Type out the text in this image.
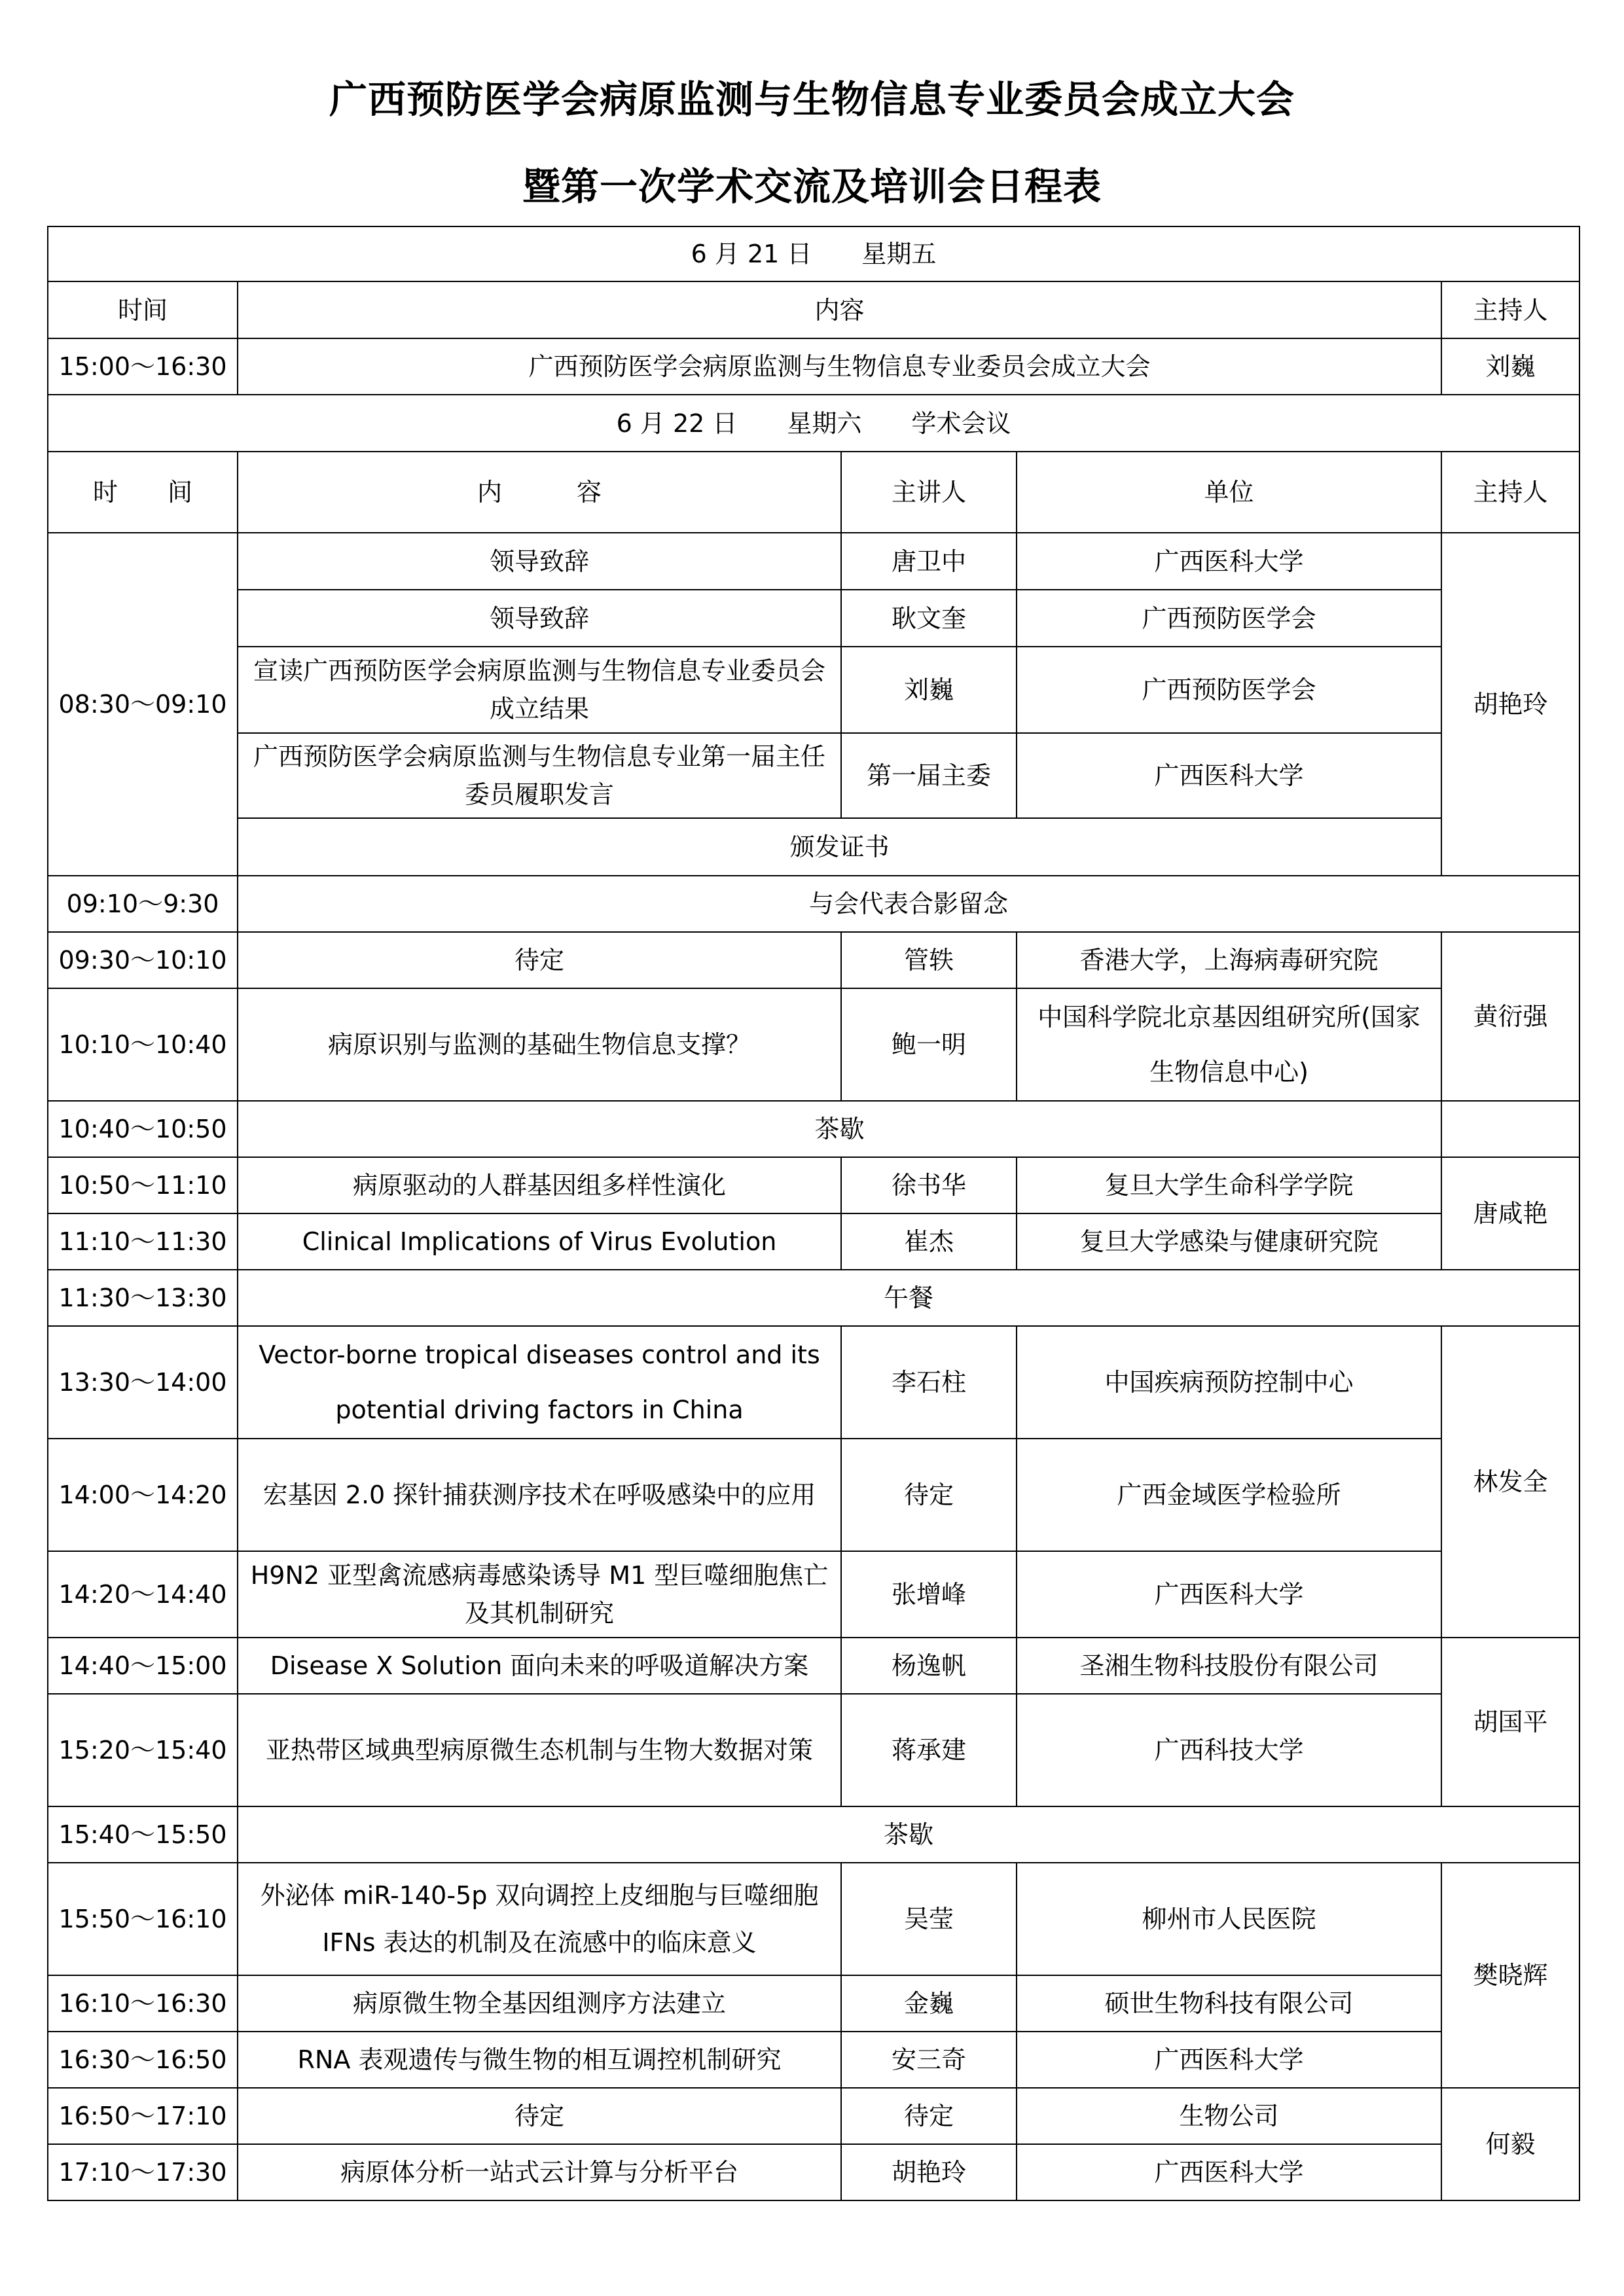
广西预防医学会病原监测与生物信息专业委员会成立大会
暨第一次学术交流及培训会日程表
6 月 21 日　　星期五				
时间	内容			主持人
15:00～16:30	广西预防医学会病原监测与生物信息专业委员会成立大会			刘巍
6 月 22 日　　星期六　　学术会议				
时　　间	内　　　容	主讲人	单位	主持人
08:30～09:10	领导致辞	唐卫中	广西医科大学	胡艳玲
	领导致辞	耿文奎	广西预防医学会	
	宣读广西预防医学会病原监测与生物信息专业委员会成立结果	刘巍	广西预防医学会	
	广西预防医学会病原监测与生物信息专业第一届主任委员履职发言	第一届主委	广西医科大学	
	颁发证书			
09:10～9:30	与会代表合影留念			
09:30～10:10	待定	管轶	香港大学，上海病毒研究院	黄衍强
10:10～10:40	病原识别与监测的基础生物信息支撑？	鲍一明	中国科学院北京基因组研究所(国家生物信息中心)	
10:40～10:50	茶歇			
10:50～11:10	病原驱动的人群基因组多样性演化	徐书华	复旦大学生命科学学院	唐咸艳
11:10～11:30	Clinical Implications of Virus Evolution	崔杰	复旦大学感染与健康研究院	
11:30～13:30	午餐			
13:30～14:00	Vector-borne tropical diseases control and its potential driving factors in China	李石柱	中国疾病预防控制中心	林发全
14:00～14:20	宏基因 2.0 探针捕获测序技术在呼吸感染中的应用	待定	广西金域医学检验所	
14:20～14:40	H9N2 亚型禽流感病毒感染诱导 M1 型巨噬细胞焦亡及其机制研究	张增峰	广西医科大学	
14:40～15:00	Disease X Solution 面向未来的呼吸道解决方案	杨逸帆	圣湘生物科技股份有限公司	胡国平
15:20～15:40	亚热带区域典型病原微生态机制与生物大数据对策	蒋承建	广西科技大学	
15:40～15:50	茶歇			
15:50～16:10	外泌体 miR-140-5p 双向调控上皮细胞与巨噬细胞 IFNs 表达的机制及在流感中的临床意义	吴莹	柳州市人民医院	樊晓辉
16:10～16:30	病原微生物全基因组测序方法建立	金巍	硕世生物科技有限公司	
16:30～16:50	RNA 表观遗传与微生物的相互调控机制研究	安三奇	广西医科大学	
16:50～17:10	待定	待定	生物公司	何毅
17:10～17:30	病原体分析一站式云计算与分析平台	胡艳玲	广西医科大学	
